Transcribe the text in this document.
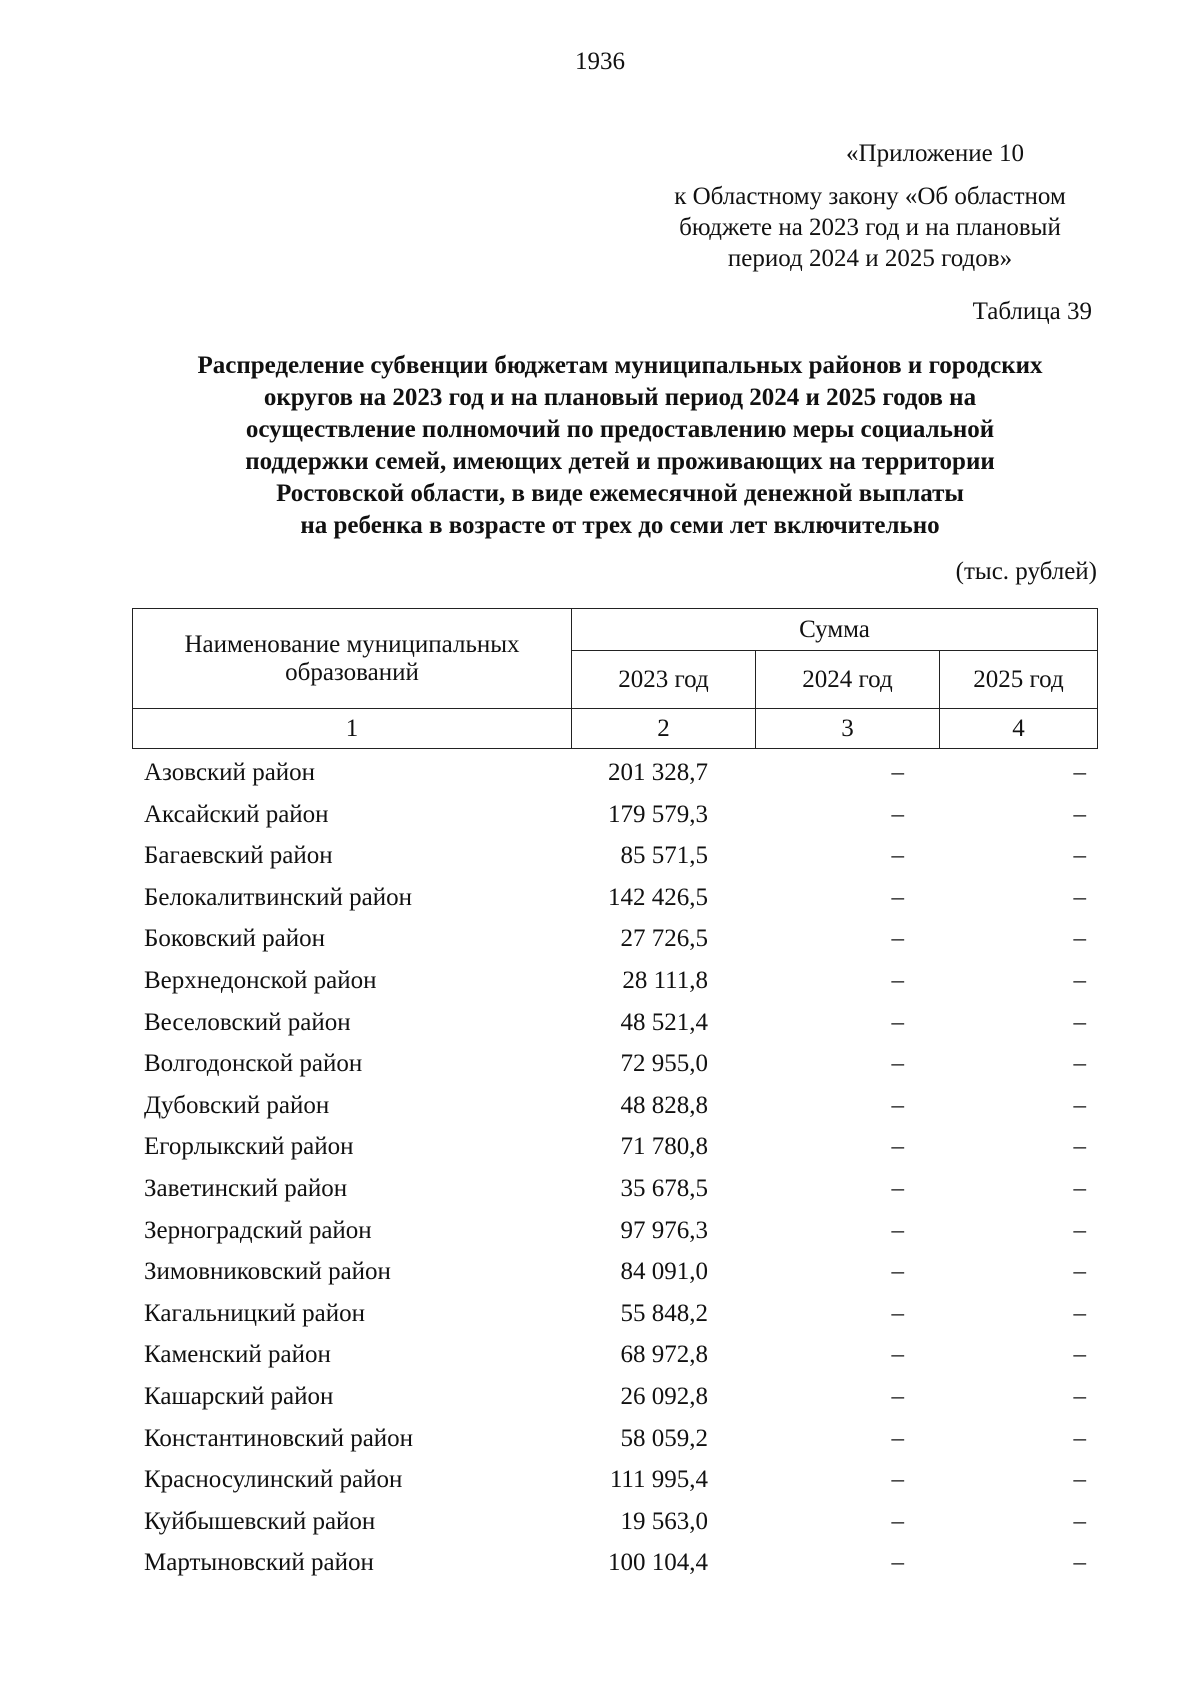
1936
«Приложение 10
к Областному закону «Об областном
бюджете на 2023 год и на плановый
период 2024 и 2025 годов»
Таблица 39
Распределение субвенции бюджетам муниципальных районов и городских
округов на 2023 год и на плановый период 2024 и 2025 годов на
осуществление полномочий по предоставлению меры социальной
поддержки семей, имеющих детей и проживающих на территории
Ростовской области, в виде ежемесячной денежной выплаты
на ребенка в возрасте от трех до семи лет включительно
(тыс. рублей)
Наименование муниципальных образований	Сумма		
	2023 год	2024 год	2025 год
1	2	3	4
Азовский район	201 328,7	–	–
Аксайский район	179 579,3	–	–
Багаевский район	85 571,5	–	–
Белокалитвинский район	142 426,5	–	–
Боковский район	27 726,5	–	–
Верхнедонской район	28 111,8	–	–
Веселовский район	48 521,4	–	–
Волгодонской район	72 955,0	–	–
Дубовский район	48 828,8	–	–
Егорлыкский район	71 780,8	–	–
Заветинский район	35 678,5	–	–
Зерноградский район	97 976,3	–	–
Зимовниковский район	84 091,0	–	–
Кагальницкий район	55 848,2	–	–
Каменский район	68 972,8	–	–
Кашарский район	26 092,8	–	–
Константиновский район	58 059,2	–	–
Красносулинский район	111 995,4	–	–
Куйбышевский район	19 563,0	–	–
Мартыновский район	100 104,4	–	–
